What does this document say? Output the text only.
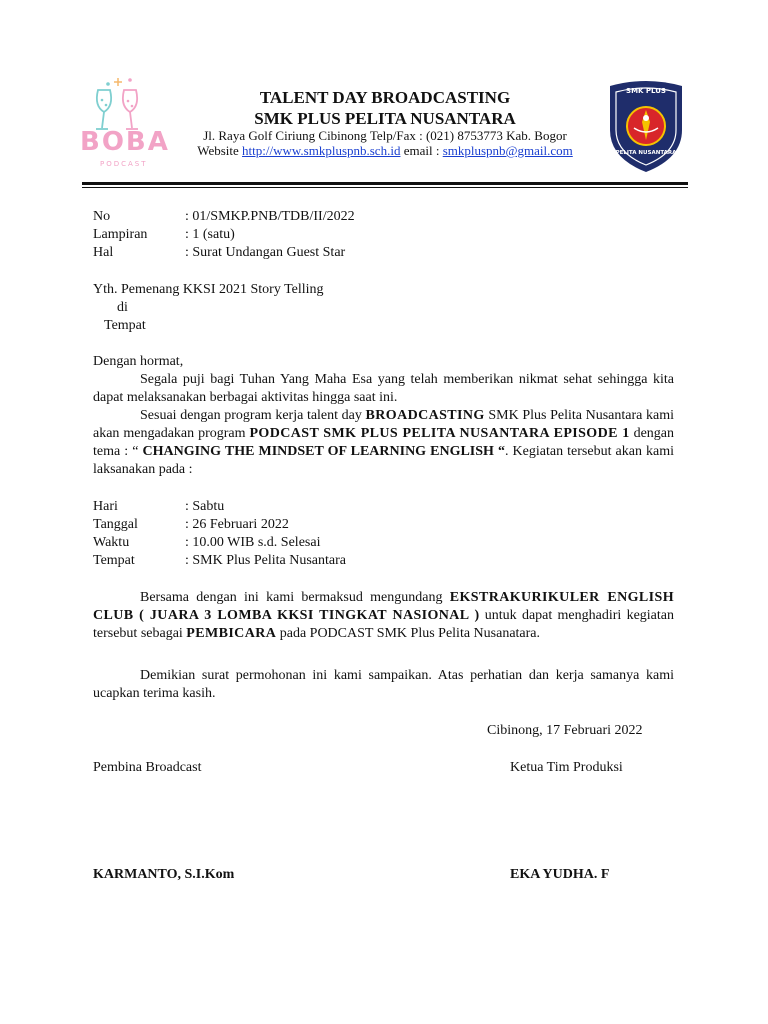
BOBA
PODCAST
TALENT DAY BROADCASTING
SMK PLUS PELITA NUSANTARA
Jl. Raya Golf Ciriung Cibinong Telp/Fax : (021) 8753773 Kab. Bogor
Website http://www.smkpluspnb.sch.id email : smkpluspnb@gmail.com
SMK PLUS
PELITA NUSANTARA
No	: 01/SMKP.PNB/TDB/II/2022
Lampiran	: 1 (satu)
Hal	: Surat Undangan Guest Star
Yth. Pemenang KKSI 2021 Story Telling
di
Tempat
Dengan hormat,
Segala puji bagi Tuhan Yang Maha Esa yang telah memberikan nikmat sehat sehingga kita dapat melaksanakan berbagai aktivitas hingga saat ini.
Sesuai dengan program kerja talent day BROADCASTING SMK Plus Pelita Nusantara kami akan mengadakan program PODCAST SMK PLUS PELITA NUSANTARA EPISODE 1 dengan tema : “ CHANGING THE MINDSET OF LEARNING ENGLISH “. Kegiatan tersebut akan kami laksanakan pada :
Hari	: Sabtu
Tanggal	: 26 Februari 2022
Waktu	: 10.00 WIB s.d. Selesai
Tempat	: SMK Plus Pelita Nusantara
Bersama dengan ini kami bermaksud mengundang EKSTRAKURIKULER ENGLISH CLUB ( JUARA 3 LOMBA KKSI TINGKAT NASIONAL ) untuk dapat menghadiri kegiatan tersebut sebagai PEMBICARA pada PODCAST SMK Plus Pelita Nusanatara.
Demikian surat permohonan ini kami sampaikan. Atas perhatian dan kerja samanya kami ucapkan terima kasih.
Cibinong, 17 Februari 2022
Pembina Broadcast	Ketua Tim Produksi
KARMANTO, S.I.Kom	EKA YUDHA. F
